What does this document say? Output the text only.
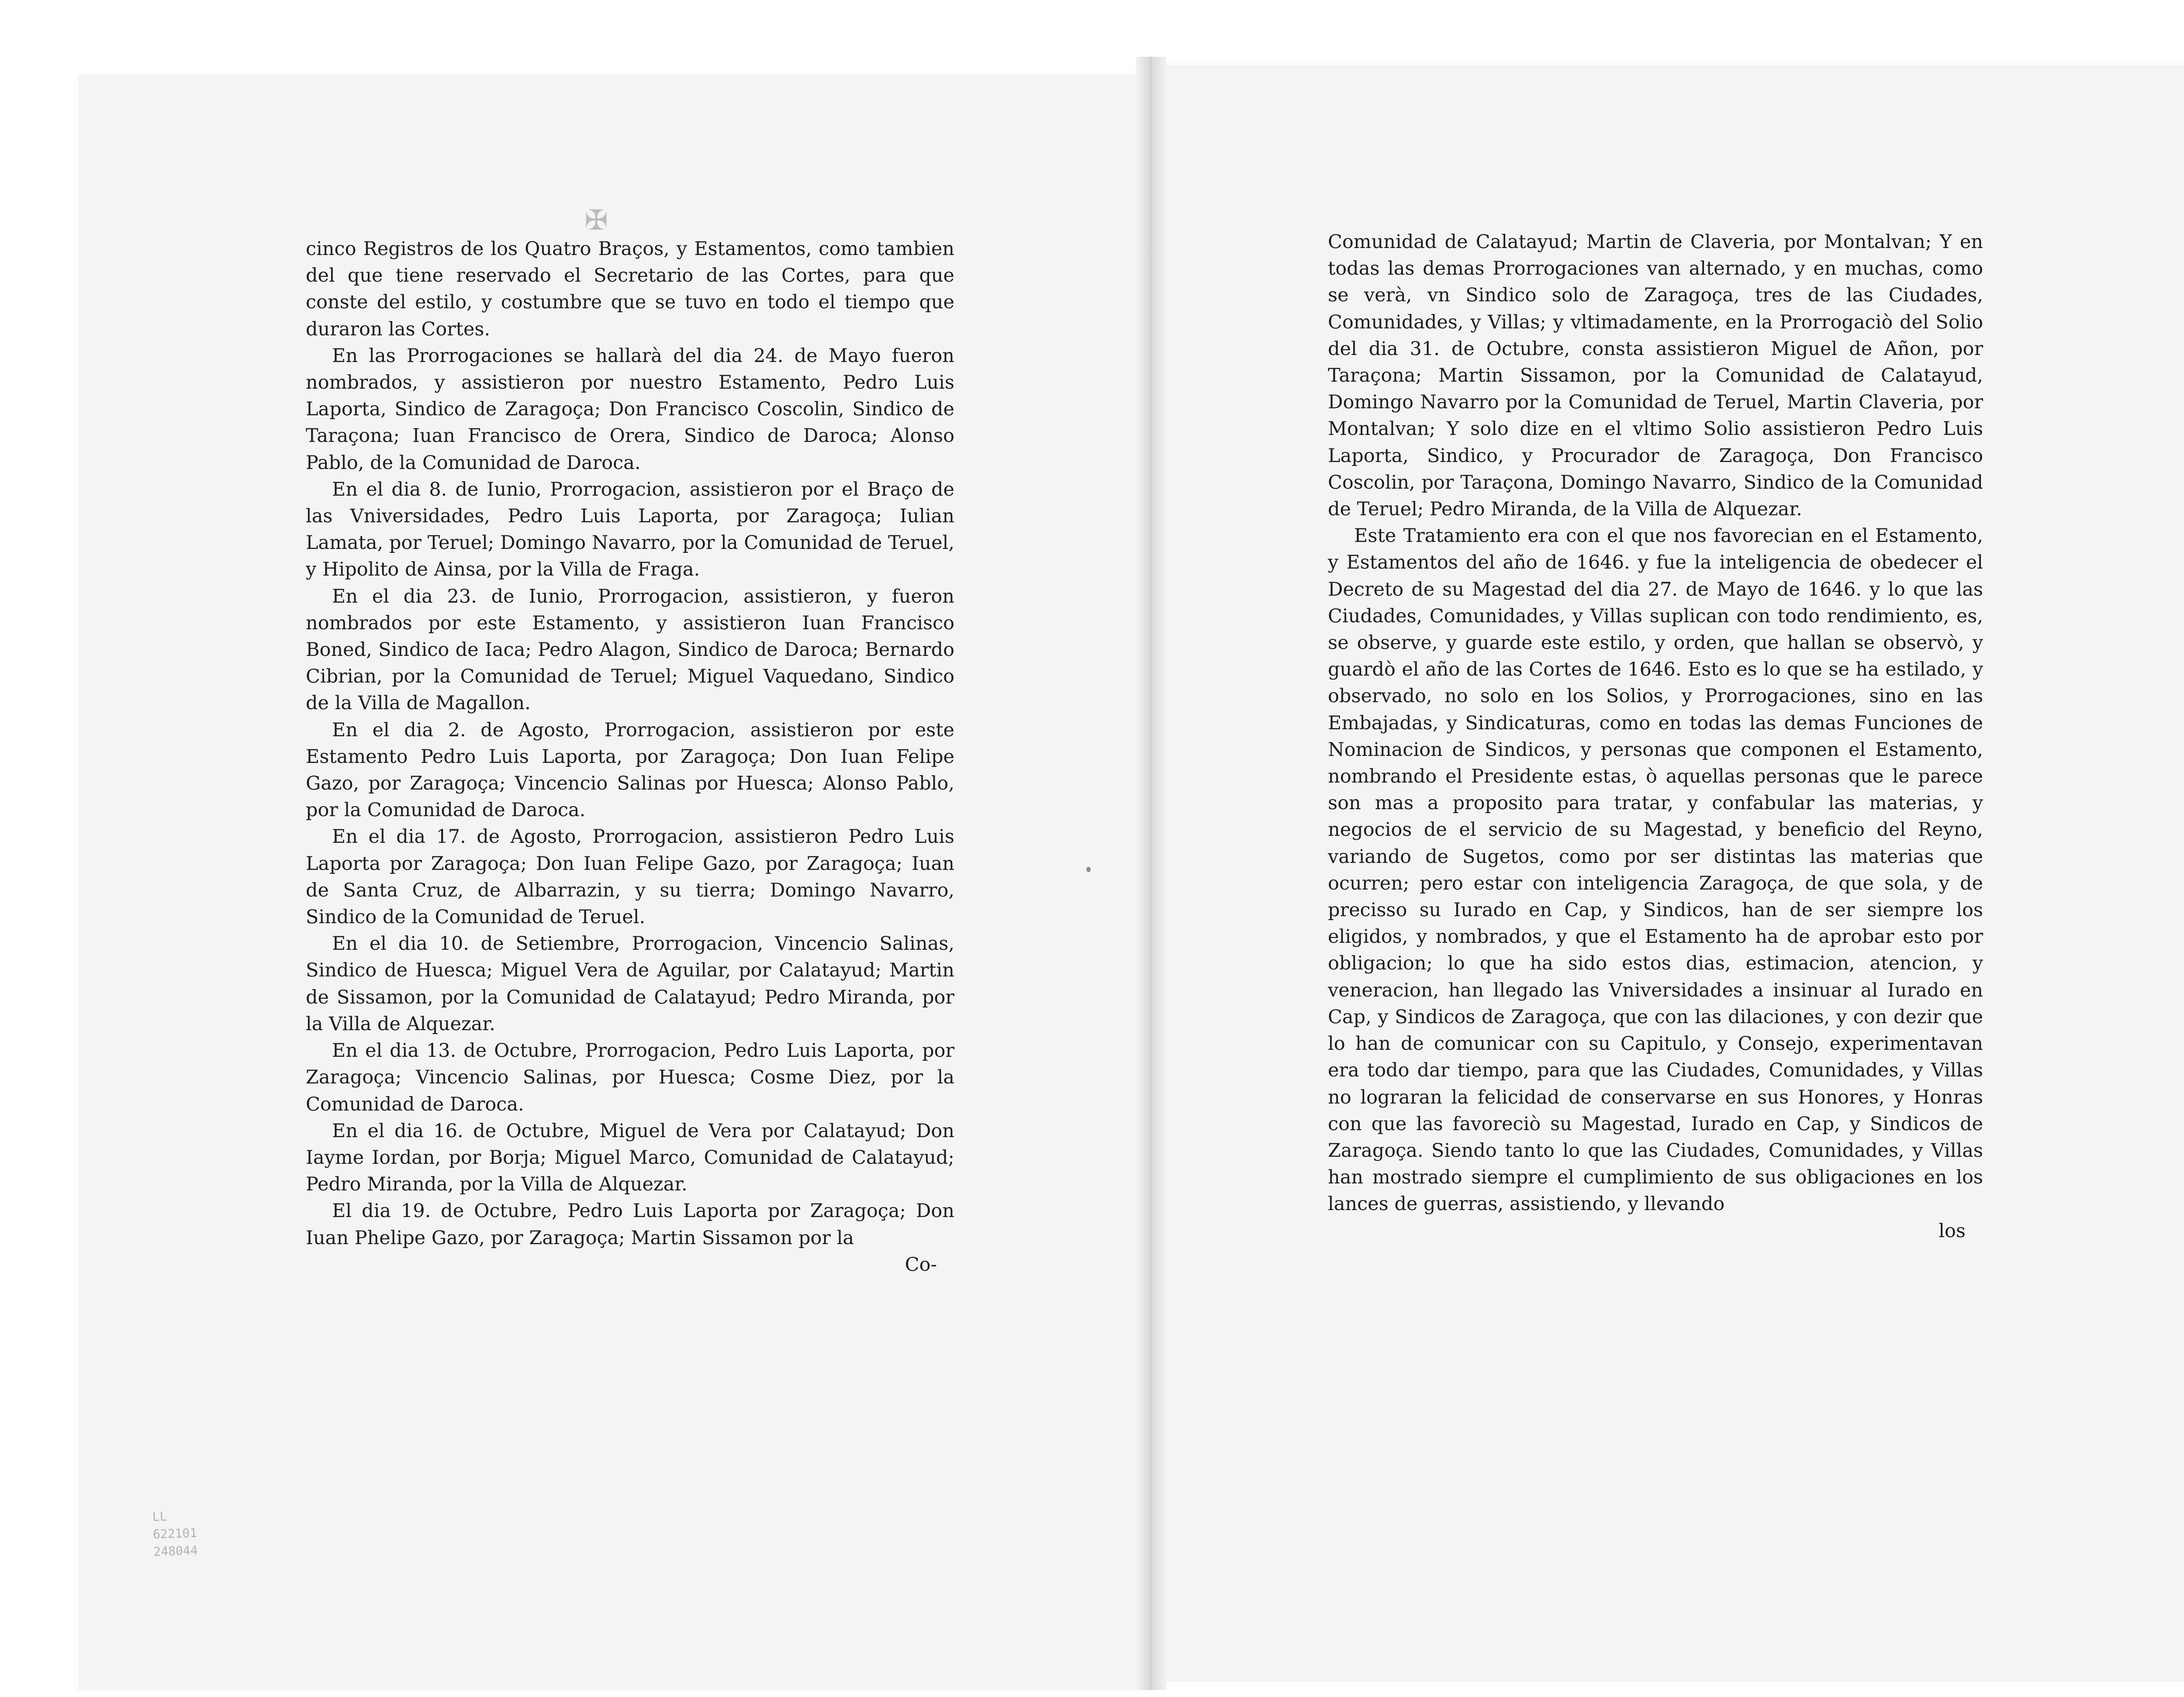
✠

cinco Registros de los Quatro Braços, y Estamentos, como tambien del que tiene reservado el Secretario de las Cortes, para que conste del estilo, y costumbre que se tuvo en todo el tiempo que duraron las Cortes.

En las Prorrogaciones se hallarà del dia 24. de Mayo fueron nombrados, y assistieron por nuestro Estamento, Pedro Luis Laporta, Sindico de Zaragoça; Don Francisco Coscolin, Sindico de Taraçona; Iuan Francisco de Orera, Sindico de Daroca; Alonso Pablo, de la Comunidad de Daroca.

En el dia 8. de Iunio, Prorrogacion, assistieron por el Braço de las Vniversidades, Pedro Luis Laporta, por Zaragoça; Iulian Lamata, por Teruel; Domingo Navarro, por la Comunidad de Teruel, y Hipolito de Ainsa, por la Villa de Fraga.

En el dia 23. de Iunio, Prorrogacion, assistieron, y fueron nombrados por este Estamento, y assistieron Iuan Francisco Boned, Sindico de Iaca; Pedro Alagon, Sindico de Daroca; Bernardo Cibrian, por la Comunidad de Teruel; Miguel Vaquedano, Sindico de la Villa de Magallon.

En el dia 2. de Agosto, Prorrogacion, assistieron por este Estamento Pedro Luis Laporta, por Zaragoça; Don Iuan Felipe Gazo, por Zaragoça; Vincencio Salinas por Huesca; Alonso Pablo, por la Comunidad de Daroca.

En el dia 17. de Agosto, Prorrogacion, assistieron Pedro Luis Laporta por Zaragoça; Don Iuan Felipe Gazo, por Zaragoça; Iuan de Santa Cruz, de Albarrazin, y su tierra; Domingo Navarro, Sindico de la Comunidad de Teruel.

En el dia 10. de Setiembre, Prorrogacion, Vincencio Salinas, Sindico de Huesca; Miguel Vera de Aguilar, por Calatayud; Martin de Sissamon, por la Comunidad de Calatayud; Pedro Miranda, por la Villa de Alquezar.

En el dia 13. de Octubre, Prorrogacion, Pedro Luis Laporta, por Zaragoça; Vincencio Salinas, por Huesca; Cosme Diez, por la Comunidad de Daroca.

En el dia 16. de Octubre, Miguel de Vera por Calatayud; Don Iayme Iordan, por Borja; Miguel Marco, Comunidad de Calatayud; Pedro Miranda, por la Villa de Alquezar.

El dia 19. de Octubre, Pedro Luis Laporta por Zaragoça; Don Iuan Phelipe Gazo, por Zaragoça; Martin Sissamon por la

Co-

Comunidad de Calatayud; Martin de Claveria, por Montalvan; Y en todas las demas Prorrogaciones van alternado, y en muchas, como se verà, vn Sindico solo de Zaragoça, tres de las Ciudades, Comunidades, y Villas; y vltimadamente, en la Prorrogaciò del Solio del dia 31. de Octubre, consta assistieron Miguel de Añon, por Taraçona; Martin Sissamon, por la Comunidad de Calatayud, Domingo Navarro por la Comunidad de Teruel, Martin Claveria, por Montalvan; Y solo dize en el vltimo Solio assistieron Pedro Luis Laporta, Sindico, y Procurador de Zaragoça, Don Francisco Coscolin, por Taraçona, Domingo Navarro, Sindico de la Comunidad de Teruel; Pedro Miranda, de la Villa de Alquezar.

Este Tratamiento era con el que nos favorecian en el Estamento, y Estamentos del año de 1646. y fue la inteligencia de obedecer el Decreto de su Magestad del dia 27. de Mayo de 1646. y lo que las Ciudades, Comunidades, y Villas suplican con todo rendimiento, es, se observe, y guarde este estilo, y orden, que hallan se observò, y guardò el año de las Cortes de 1646. Esto es lo que se ha estilado, y observado, no solo en los Solios, y Prorrogaciones, sino en las Embajadas, y Sindicaturas, como en todas las demas Funciones de Nominacion de Sindicos, y personas que componen el Estamento, nombrando el Presidente estas, ò aquellas personas que le parece son mas a proposito para tratar, y confabular las materias, y negocios de el servicio de su Magestad, y beneficio del Reyno, variando de Sugetos, como por ser distintas las materias que ocurren; pero estar con inteligencia Zaragoça, de que sola, y de precisso su Iurado en Cap, y Sindicos, han de ser siempre los eligidos, y nombrados, y que el Estamento ha de aprobar esto por obligacion; lo que ha sido estos dias, estimacion, atencion, y veneracion, han llegado las Vniversidades a insinuar al Iurado en Cap, y Sindicos de Zaragoça, que con las dilaciones, y con dezir que lo han de comunicar con su Capitulo, y Consejo, experimentavan era todo dar tiempo, para que las Ciudades, Comunidades, y Villas no lograran la felicidad de conservarse en sus Honores, y Honras con que las favoreciò su Magestad, Iurado en Cap, y Sindicos de Zaragoça. Siendo tanto lo que las Ciudades, Comunidades, y Villas han mostrado siempre el cumplimiento de sus obligaciones en los lances de guerras, assistiendo, y llevando

los

LL
622101
248044
